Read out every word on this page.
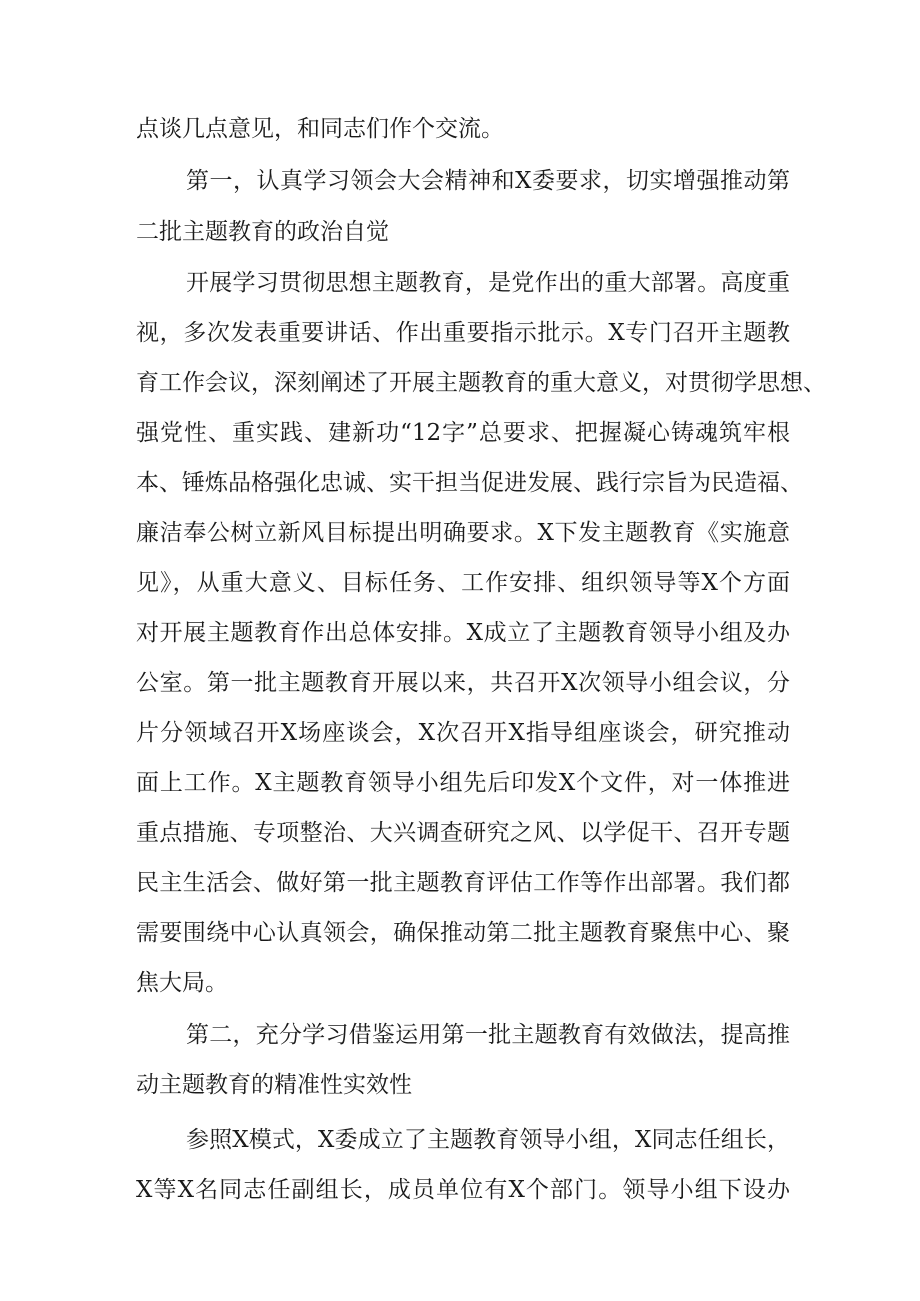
点谈几点意见，和同志们作个交流。
第一，认真学习领会大会精神和X委要求，切实增强推动第
二批主题教育的政治自觉
开展学习贯彻思想主题教育，是党作出的重大部署。高度重
视，多次发表重要讲话、作出重要指示批示。X专门召开主题教
育工作会议，深刻阐述了开展主题教育的重大意义，对贯彻学思想、
强党性、重实践、建新功“12字”总要求、把握凝心铸魂筑牢根
本、锤炼品格强化忠诚、实干担当促进发展、践行宗旨为民造福、
廉洁奉公树立新风目标提出明确要求。X下发主题教育《实施意
见》，从重大意义、目标任务、工作安排、组织领导等X个方面
对开展主题教育作出总体安排。X成立了主题教育领导小组及办
公室。第一批主题教育开展以来，共召开X次领导小组会议，分
片分领域召开X场座谈会，X次召开X指导组座谈会，研究推动
面上工作。X主题教育领导小组先后印发X个文件，对一体推进
重点措施、专项整治、大兴调查研究之风、以学促干、召开专题
民主生活会、做好第一批主题教育评估工作等作出部署。我们都
需要围绕中心认真领会，确保推动第二批主题教育聚焦中心、聚
焦大局。
第二，充分学习借鉴运用第一批主题教育有效做法，提高推
动主题教育的精准性实效性
参照X模式，X委成立了主题教育领导小组，X同志任组长，
X等X名同志任副组长，成员单位有X个部门。领导小组下设办
